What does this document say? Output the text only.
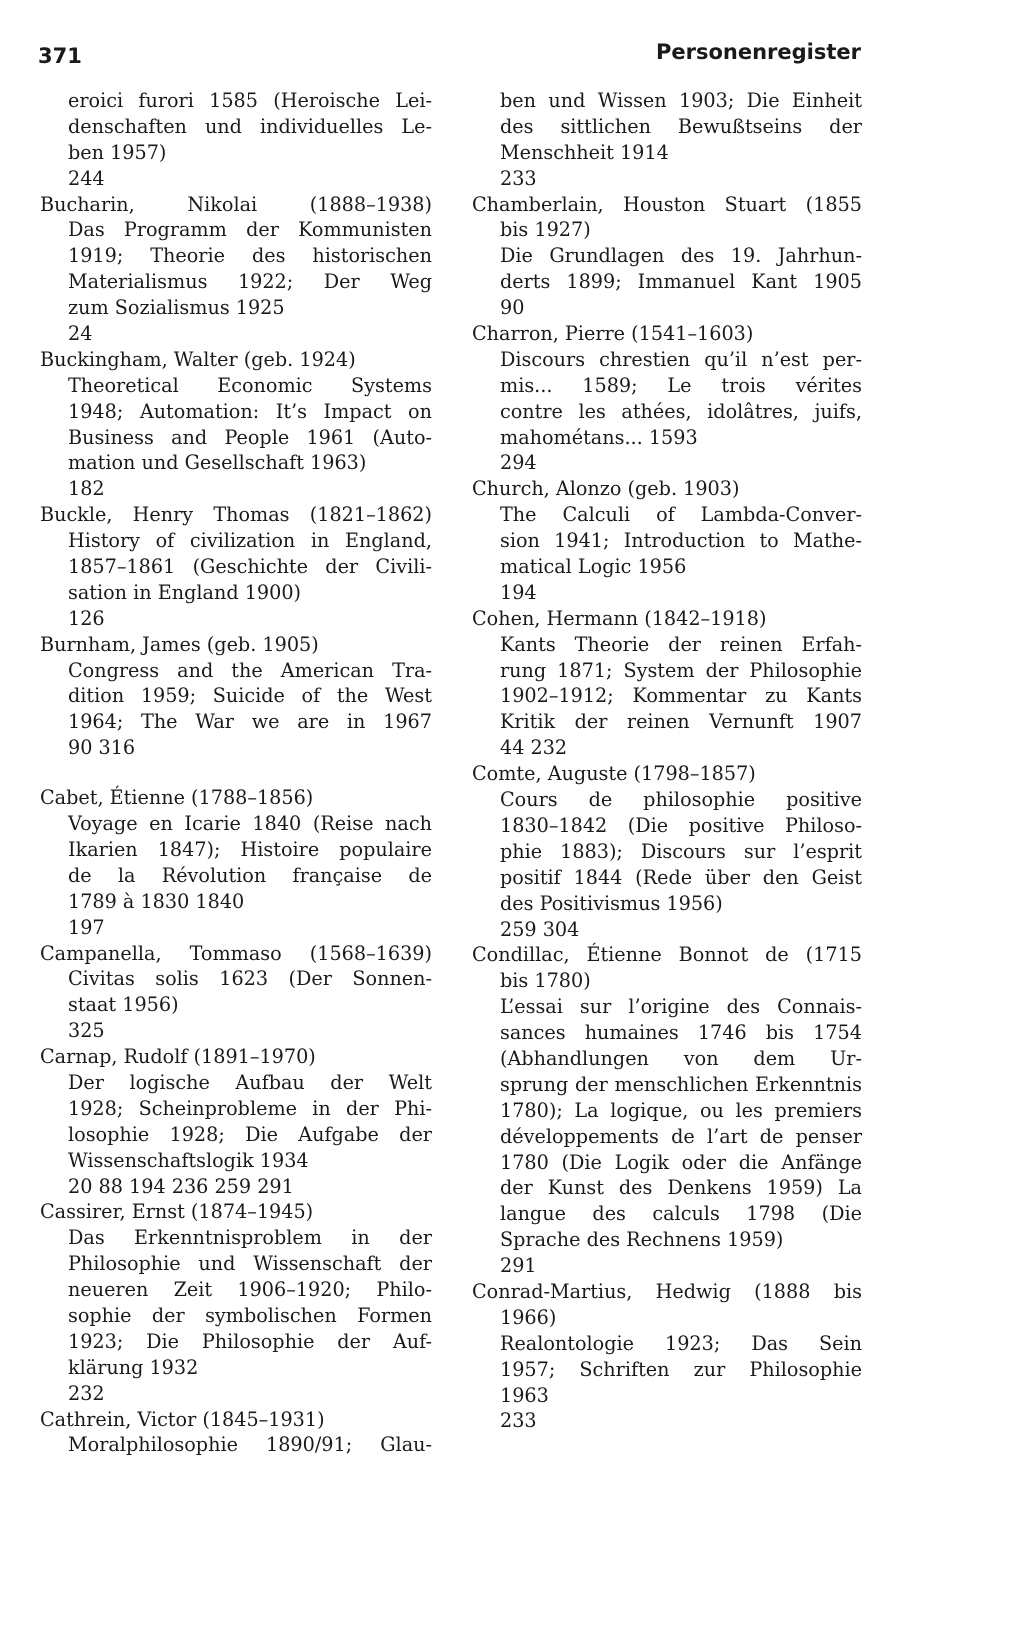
371	Personenregister
eroici furori 1585 (Heroische Lei-
denschaften und individuelles Le-
ben 1957)
244
Bucharin,	Nikolai	(1888–1938)
Das Programm der Kommunisten
1919; Theorie des historischen
Materialismus 1922; Der Weg
zum Sozialismus 1925
24
Buckingham, Walter (geb. 1924)
Theoretical Economic Systems
1948; Automation: It’s Impact on
Business and People 1961 (Auto-
mation und Gesellschaft 1963)
182
Buckle, Henry Thomas (1821–1862)
History of civilization in England,
1857–1861 (Geschichte der Civili-
sation in England 1900)
126
Burnham, James (geb. 1905)
Congress and the American Tra-
dition 1959; Suicide of the West
1964; The War we are in 1967
90 316
Cabet, Étienne (1788–1856)
Voyage en Icarie 1840 (Reise nach
Ikarien 1847); Histoire populaire
de la Révolution française de
1789 à 1830 1840
197
Campanella, Tommaso (1568–1639)
Civitas solis 1623 (Der Sonnen-
staat 1956)
325
Carnap, Rudolf (1891–1970)
Der logische Aufbau der Welt
1928; Scheinprobleme in der Phi-
losophie 1928; Die Aufgabe der
Wissenschaftslogik 1934
20 88 194 236 259 291
Cassirer, Ernst (1874–1945)
Das Erkenntnisproblem in der
Philosophie und Wissenschaft der
neueren Zeit 1906–1920; Philo-
sophie der symbolischen Formen
1923; Die Philosophie der Auf-
klärung 1932
232
Cathrein, Victor (1845–1931)
Moralphilosophie 1890/91; Glau-
ben und Wissen 1903; Die Einheit
des sittlichen Bewußtseins der
Menschheit 1914
233
Chamberlain, Houston Stuart (1855
bis 1927)
Die Grundlagen des 19. Jahrhun-
derts 1899; Immanuel Kant 1905
90
Charron, Pierre (1541–1603)
Discours chrestien qu’il n’est per-
mis... 1589; Le trois vérites
contre les athées, idolâtres, juifs,
mahométans... 1593
294
Church, Alonzo (geb. 1903)
The Calculi of Lambda-Conver-
sion 1941; Introduction to Mathe-
matical Logic 1956
194
Cohen, Hermann (1842–1918)
Kants Theorie der reinen Erfah-
rung 1871; System der Philosophie
1902–1912; Kommentar zu Kants
Kritik der reinen Vernunft 1907
44 232
Comte, Auguste (1798–1857)
Cours de philosophie positive
1830–1842 (Die positive Philoso-
phie 1883); Discours sur l’esprit
positif 1844 (Rede über den Geist
des Positivismus 1956)
259 304
Condillac, Étienne Bonnot de (1715
bis 1780)
L’essai sur l’origine des Connais-
sances humaines 1746 bis 1754
(Abhandlungen von dem Ur-
sprung der menschlichen Erkenntnis
1780); La logique, ou les premiers
développements de l’art de penser
1780 (Die Logik oder die Anfänge
der Kunst des Denkens 1959) La
langue des calculs 1798 (Die
Sprache des Rechnens 1959)
291
Conrad-Martius, Hedwig (1888 bis
1966)
Realontologie 1923; Das Sein
1957; Schriften zur Philosophie
1963
233
